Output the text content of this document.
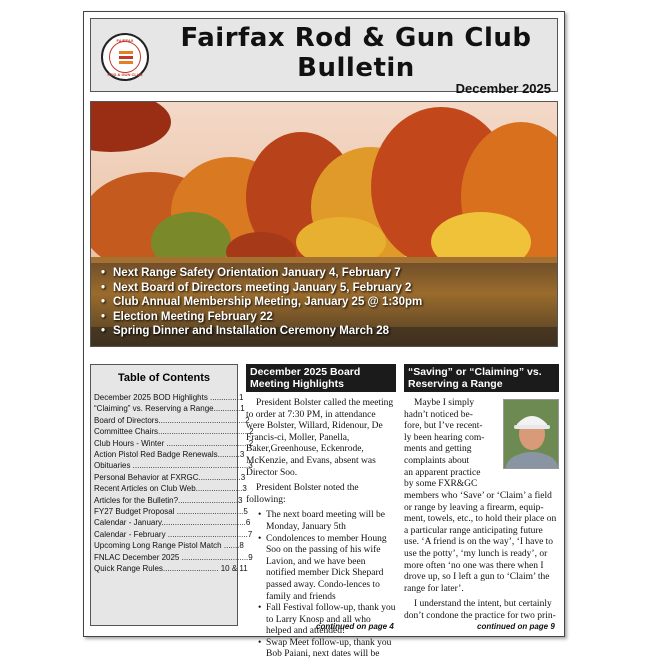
FAIRFAX
ROD & GUN CLUB
Fairfax Rod & Gun Club
Bulletin
December 2025
• Next Range Safety Orientation January 4, February 7
• Next Board of Directors meeting January 5, February 2
• Club Annual Membership Meeting, January 25 @ 1:30pm
• Election Meeting February 22
• Spring Dinner and Installation Ceremony March 28
Table of Contents
December 2025 BOD Highlights .............1
“Claiming” vs. Reserving a Range............1
Board of Directors.......................................2
Committee Chairs.........................................2
Club Hours - Winter .....................................2
Action Pistol Red Badge Renewals..........3
Obituaries ....................................................3
Personal Behavior at FXRGC...................3
Recent Articles on Club Web.....................3
Articles for the Bulletin?...........................3
FY27 Budget Proposal ..............................5
Calendar - January......................................6
Calendar - February ....................................7
Upcoming Long Range Pistol Match .......8
FNLAC December 2025 ..............................9
Quick Range Rules......................... 10 & 11
December 2025 Board Meeting Highlights

President Bolster called the meeting to order at 7:30 PM, in attendance were Bolster, Willard, Ridenour, De Francis-ci, Moller, Panella, Baker,Greenhouse, Eckenrode, McKenzie, and Evans, absent was Director Soo.

President Bolster noted the following:

• The next board meeting will be Monday, January 5th
• Condolences to member Houng Soo on the passing of his wife Lavion, and we have been notified member Dick Shepard passed away. Condo-lences to family and friends
• Fall Festival follow-up, thank you to Larry Knosp and all who helped and attended!
• Swap Meet follow-up, thank you Bob Paiani, next dates will be
continued on page 4
“Saving” or “Claiming” vs. Reserving a Range
Maybe I simply
hadn’t noticed be-
fore, but I’ve recent-
ly been hearing com-
ments and getting
complaints about
an apparent practice
by some FXR&GC

members who ‘Save’ or ‘Claim’ a field or range by leaving a firearm, equip-ment, towels, etc., to hold their place on a particular range anticipating future use. ‘A friend is on the way’, ‘I have to use the potty’, ‘my lunch is ready’, or more often ‘no one was there when I drove up, so I left a gun to ‘Claim’ the range for later’.

I understand the intent, but certainly don’t condone the practice for two prin-

continued on page 9
